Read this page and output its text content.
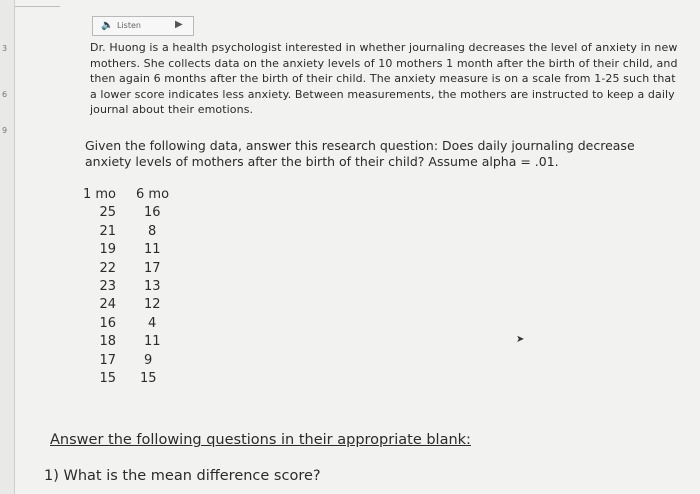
3
6
9
🔈 Listen	▶
Dr. Huong is a health psychologist interested in whether journaling decreases the level of anxiety in new mothers. She collects data on the anxiety levels of 10 mothers 1 month after the birth of their child, and then again 6 months after the birth of their child. The anxiety measure is on a scale from 1-25 such that a lower score indicates less anxiety. Between measurements, the mothers are instructed to keep a daily journal about their emotions.
Given the following data, answer this research question: Does daily journaling decrease anxiety levels of mothers after the birth of their child? Assume alpha = .01.
1 mo
25
21
19
22
23
24
16
18
17
15
6 mo
16
8
11
17
13
12
4
11
9
15
➤
Answer the following questions in their appropriate blank:
1) What is the mean difference score?
